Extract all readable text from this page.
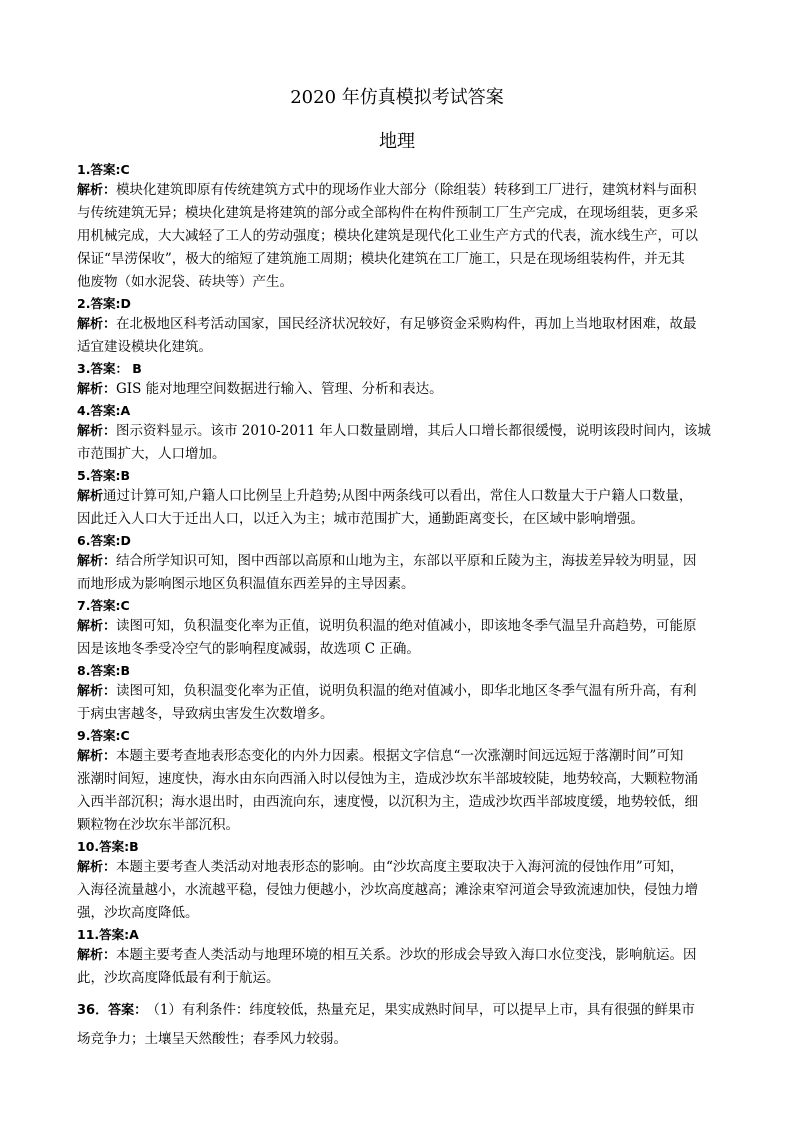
2020 年仿真模拟考试答案
地理
1.答案:C
解析：模块化建筑即原有传统建筑方式中的现场作业大部分（除组装）转移到工厂进行，建筑材料与面积
与传统建筑无异；模块化建筑是将建筑的部分或全部构件在构件预制工厂生产完成，在现场组装，更多采
用机械完成，大大减轻了工人的劳动强度；模块化建筑是现代化工业生产方式的代表，流水线生产，可以
保证“旱涝保收”，极大的缩短了建筑施工周期；模块化建筑在工厂施工，只是在现场组装构件，并无其
他废物（如水泥袋、砖块等）产生。
2.答案:D
解析：在北极地区科考活动国家，国民经济状况较好，有足够资金采购构件，再加上当地取材困难，故最
适宜建设模块化建筑。
3.答案： B
解析：GIS 能对地理空间数据进行输入、管理、分析和表达。
4.答案:A
解析：图示资料显示。该市 2010-2011 年人口数量剧增，其后人口增长都很缓慢，说明该段时间内，该城
市范围扩大，人口增加。
5.答案:B
解析通过计算可知,户籍人口比例呈上升趋势;从图中两条线可以看出，常住人口数量大于户籍人口数量，
因此迁入人口大于迁出人口，以迁入为主；城市范围扩大，通勤距离变长，在区域中影响增强。
6.答案:D
解析：结合所学知识可知，图中西部以高原和山地为主，东部以平原和丘陵为主，海拔差异较为明显，因
而地形成为影响图示地区负积温值东西差异的主导因素。
7.答案:C
解析：读图可知，负积温变化率为正值，说明负积温的绝对值减小，即该地冬季气温呈升高趋势，可能原
因是该地冬季受冷空气的影响程度减弱，故选项 C 正确。
8.答案:B
解析：读图可知，负积温变化率为正值，说明负积温的绝对值减小，即华北地区冬季气温有所升高，有利
于病虫害越冬，导致病虫害发生次数增多。
9.答案:C
解析：本题主要考查地表形态变化的内外力因素。根据文字信息“一次涨潮时间远远短于落潮时间”可知
涨潮时间短，速度快，海水由东向西涌入时以侵蚀为主，造成沙坎东半部坡较陡，地势较高，大颗粒物涌
入西半部沉积；海水退出时，由西流向东，速度慢，以沉积为主，造成沙坎西半部坡度缓，地势较低，细
颗粒物在沙坎东半部沉积。
10.答案:B
解析：本题主要考查人类活动对地表形态的影响。由“沙坎高度主要取决于入海河流的侵蚀作用”可知，
入海径流量越小，水流越平稳，侵蚀力便越小，沙坎高度越高；滩涂束窄河道会导致流速加快，侵蚀力增
强，沙坎高度降低。
11.答案:A
解析：本题主要考查人类活动与地理环境的相互关系。沙坎的形成会导致入海口水位变浅，影响航运。因
此，沙坎高度降低最有利于航运。
36．答案： （1）有利条件：纬度较低，热量充足，果实成熟时间早，可以提早上市，具有很强的鲜果市
场竞争力；土壤呈天然酸性；春季风力较弱。
